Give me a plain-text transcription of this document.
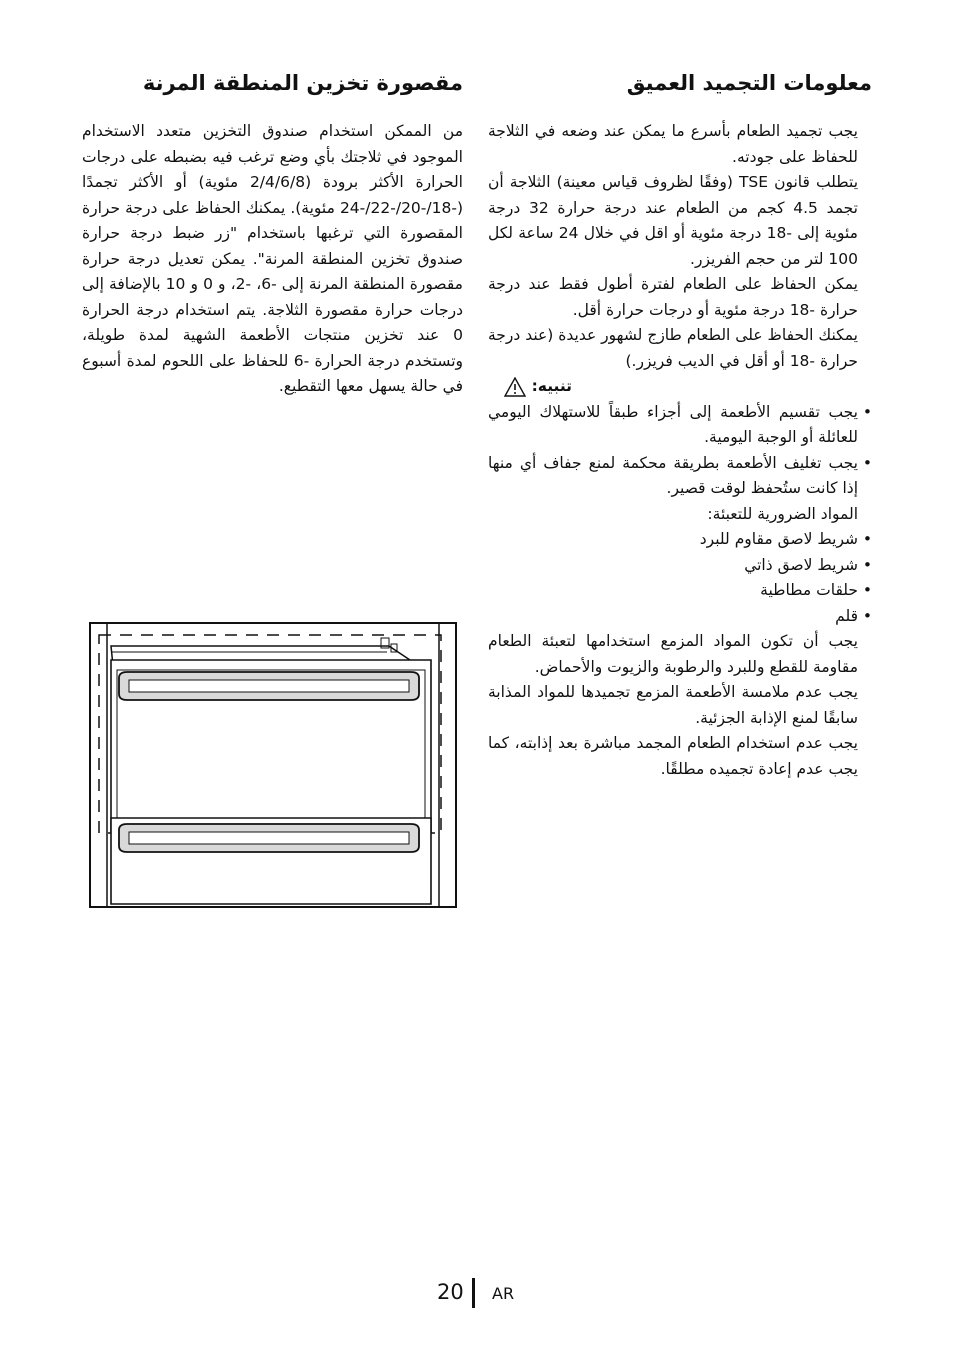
معلومات التجميد العميق

يجب تجميد الطعام بأسرع ما يمكن عند وضعه في الثلاجة للحفاظ على جودته.

يتطلب قانون TSE (وفقًا لظروف قياس معينة) الثلاجة أن تجمد 4.5 كجم من الطعام عند درجة حرارة 32 درجة مئوية إلى -18 درجة مئوية أو اقل في خلال 24 ساعة لكل 100 لتر من حجم الفريزر.

يمكن الحفاظ على الطعام لفترة أطول فقط عند درجة حرارة -18 درجة مئوية أو درجات حرارة أقل.

يمكنك الحفاظ على الطعام طازج لشهور عديدة (عند درجة حرارة -18 أو أقل في الديب فريزر.)

تنبيه:
• يجب تقسيم الأطعمة إلى أجزاء طبقاً للاستهلاك اليومي للعائلة أو الوجبة اليومية.
• يجب تغليف الأطعمة بطريقة محكمة لمنع جفاف أي منها إذا كانت ستُحفظ لوقت قصير.

المواد الضرورية للتعبئة:

• شريط لاصق مقاوم للبرد
• شريط لاصق ذاتي
• حلقات مطاطية
• قلم

يجب أن تكون المواد المزمع استخدامها لتعبئة الطعام مقاومة للقطع وللبرد والرطوبة والزيوت والأحماض.

يجب عدم ملامسة الأطعمة المزمع تجميدها للمواد المذابة سابقًا لمنع الإذابة الجزئية.

يجب عدم استخدام الطعام المجمد مباشرة بعد إذابته، كما يجب عدم إعادة تجميده مطلقًا.

مقصورة تخزين المنطقة المرنة

من الممكن استخدام صندوق التخزين متعدد الاستخدام الموجود في ثلاجتك بأي وضع ترغب فيه بضبطه على درجات الحرارة الأكثر برودة (2/4/6/8 مئوية) أو الأكثر تجمدًا (-18/-20/-22/-24 مئوية). يمكنك الحفاظ على درجة حرارة المقصورة التي ترغبها باستخدام "زر ضبط درجة حرارة صندوق تخزين المنطقة المرنة". يمكن تعديل درجة حرارة مقصورة المنطقة المرنة إلى -6، -2، و 0 و 10 بالإضافة إلى درجات حرارة مقصورة الثلاجة. يتم استخدام درجة الحرارة 0 عند تخزين منتجات الأطعمة الشهية لمدة طويلة، وتستخدم درجة الحرارة -6 للحفاظ على اللحوم لمدة أسبوع في حالة يسهل معها التقطيع.

20 AR
